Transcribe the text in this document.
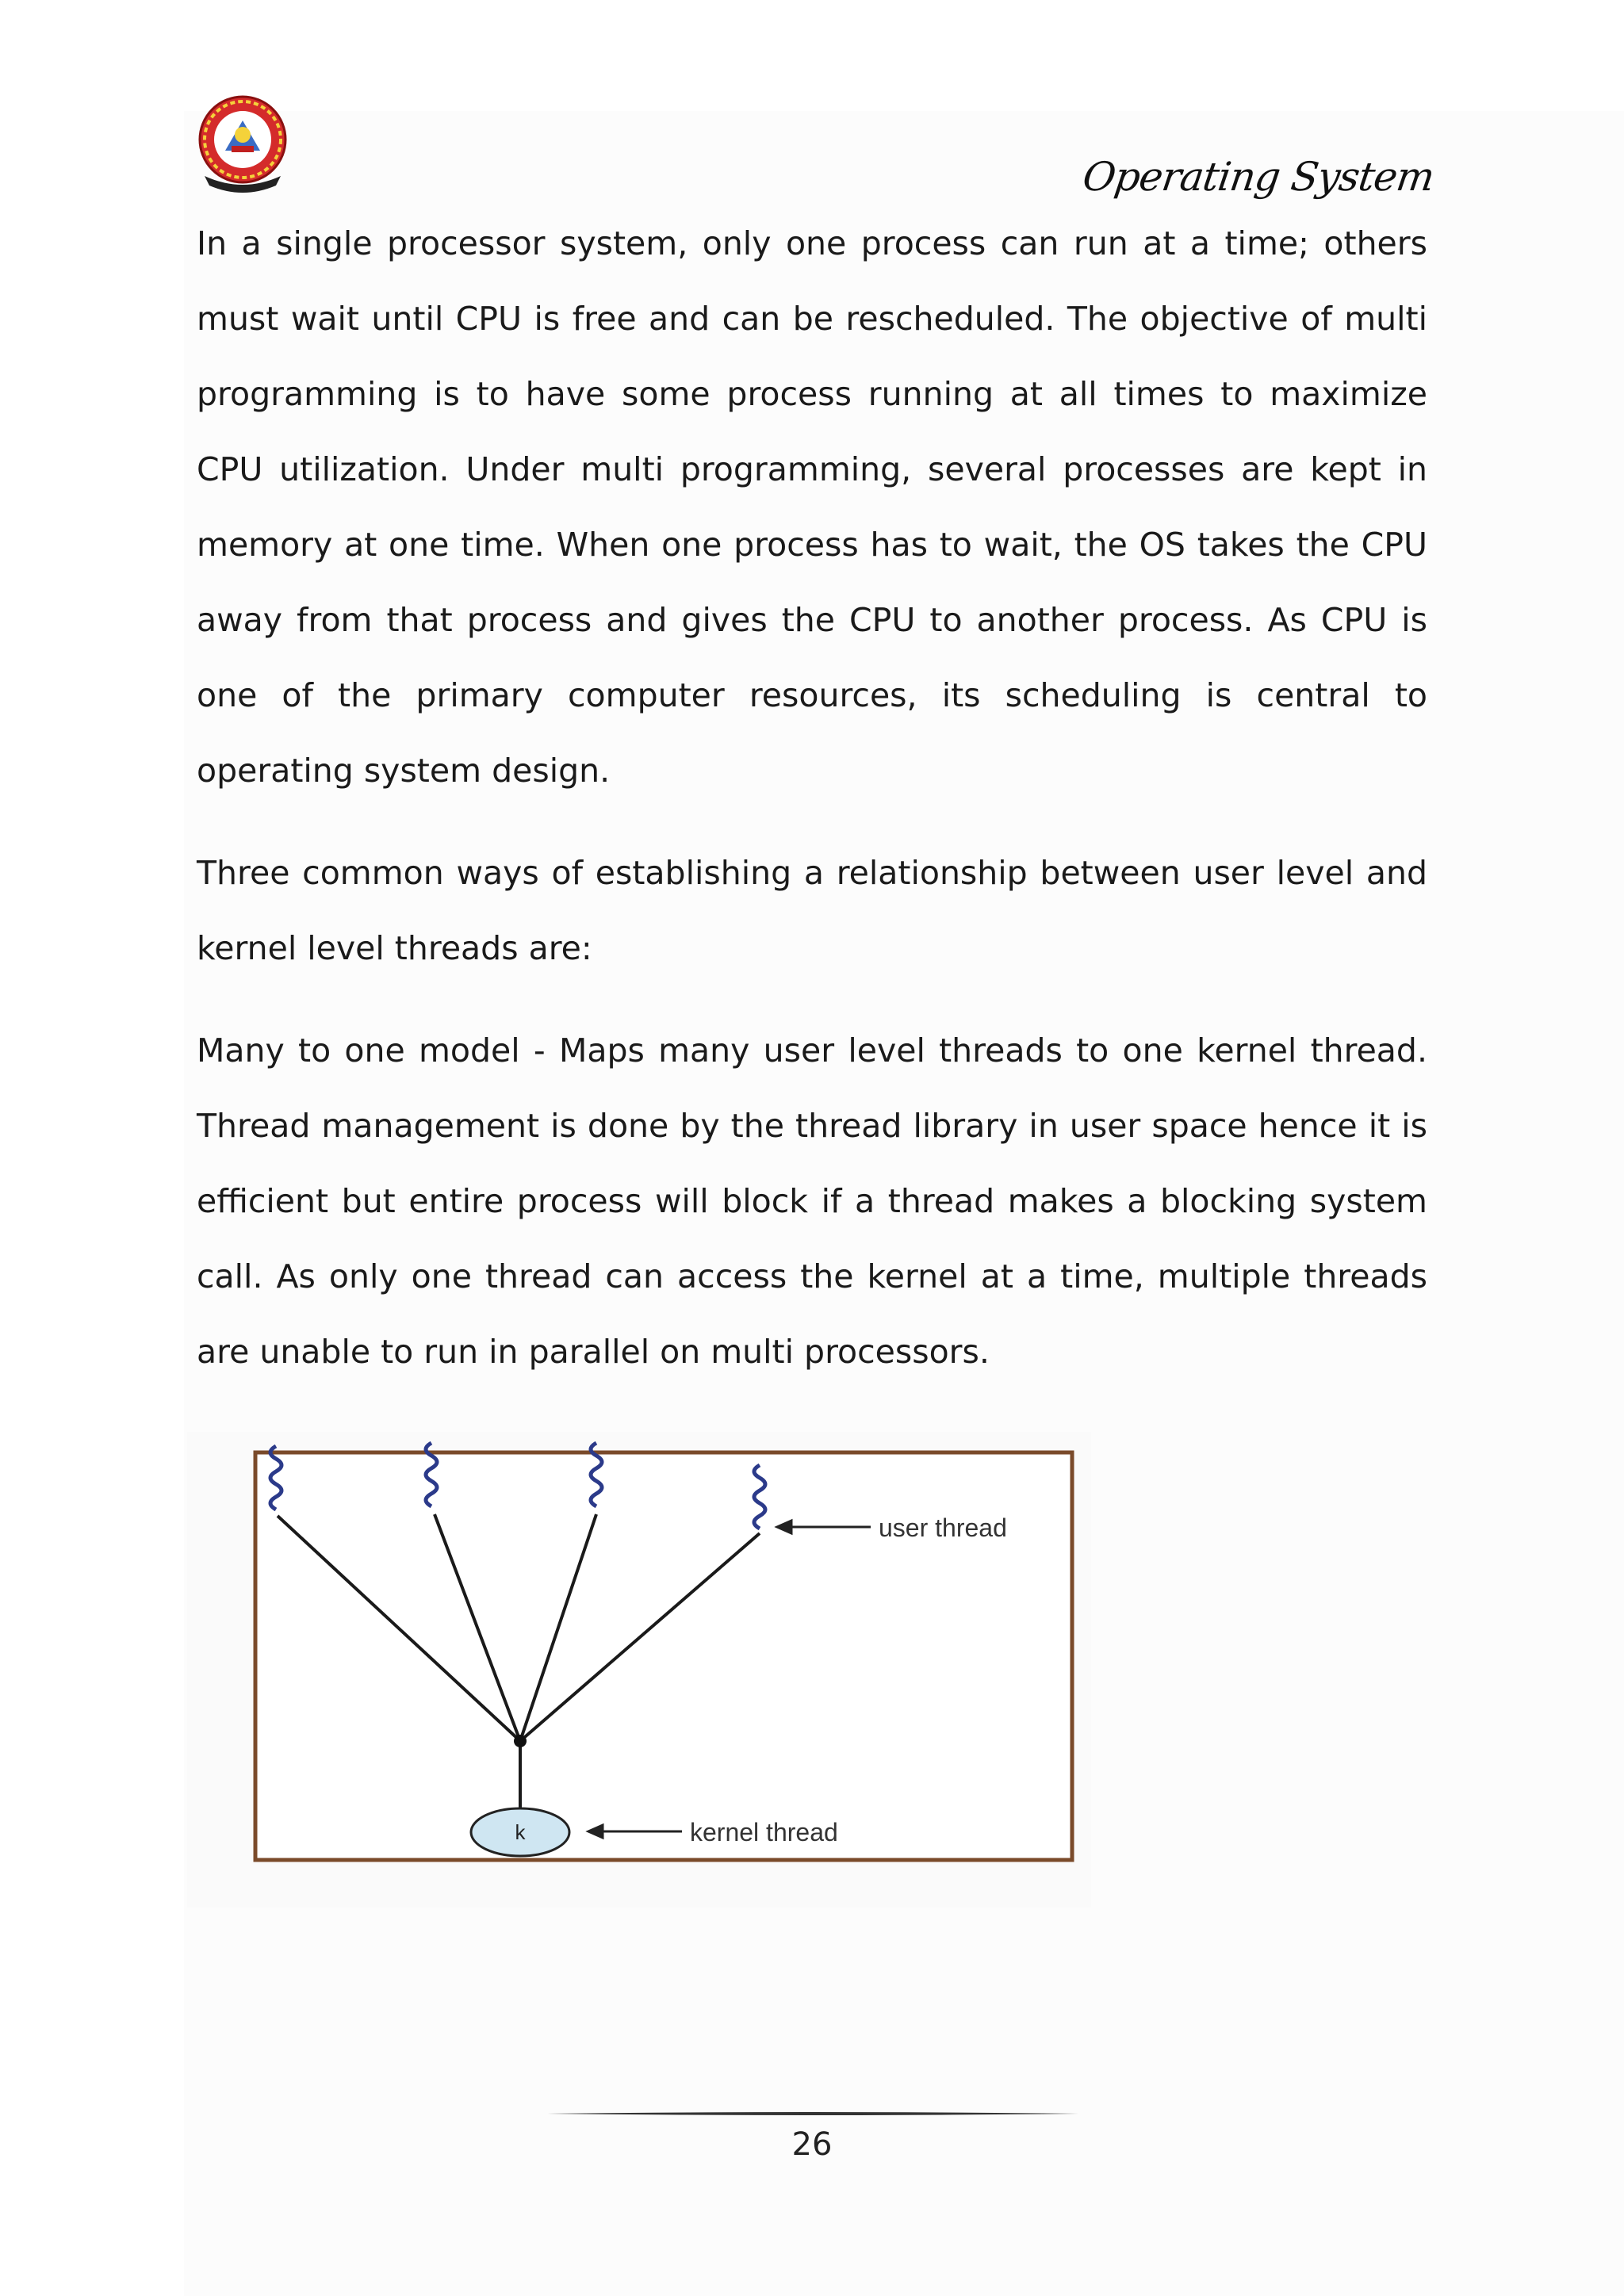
Operating System

In a single processor system, only one process can run at a time; others must wait until CPU is free and can be rescheduled. The objective of multi programming is to have some process running at all times to maximize CPU utilization. Under multi programming, several processes are kept in memory at one time. When one process has to wait, the OS takes the CPU away from that process and gives the CPU to another process. As CPU is one of the primary computer resources, its scheduling is central to operating system design.

Three common ways of establishing a relationship between user level and kernel level threads are:

Many to one model - Maps many user level threads to one kernel thread. Thread management is done by the thread library in user space hence it is efficient but entire process will block if a thread makes a blocking system call. As only one thread can access the kernel at a time, multiple threads are unable to run in parallel on multi processors.

k
user thread
kernel thread
26
